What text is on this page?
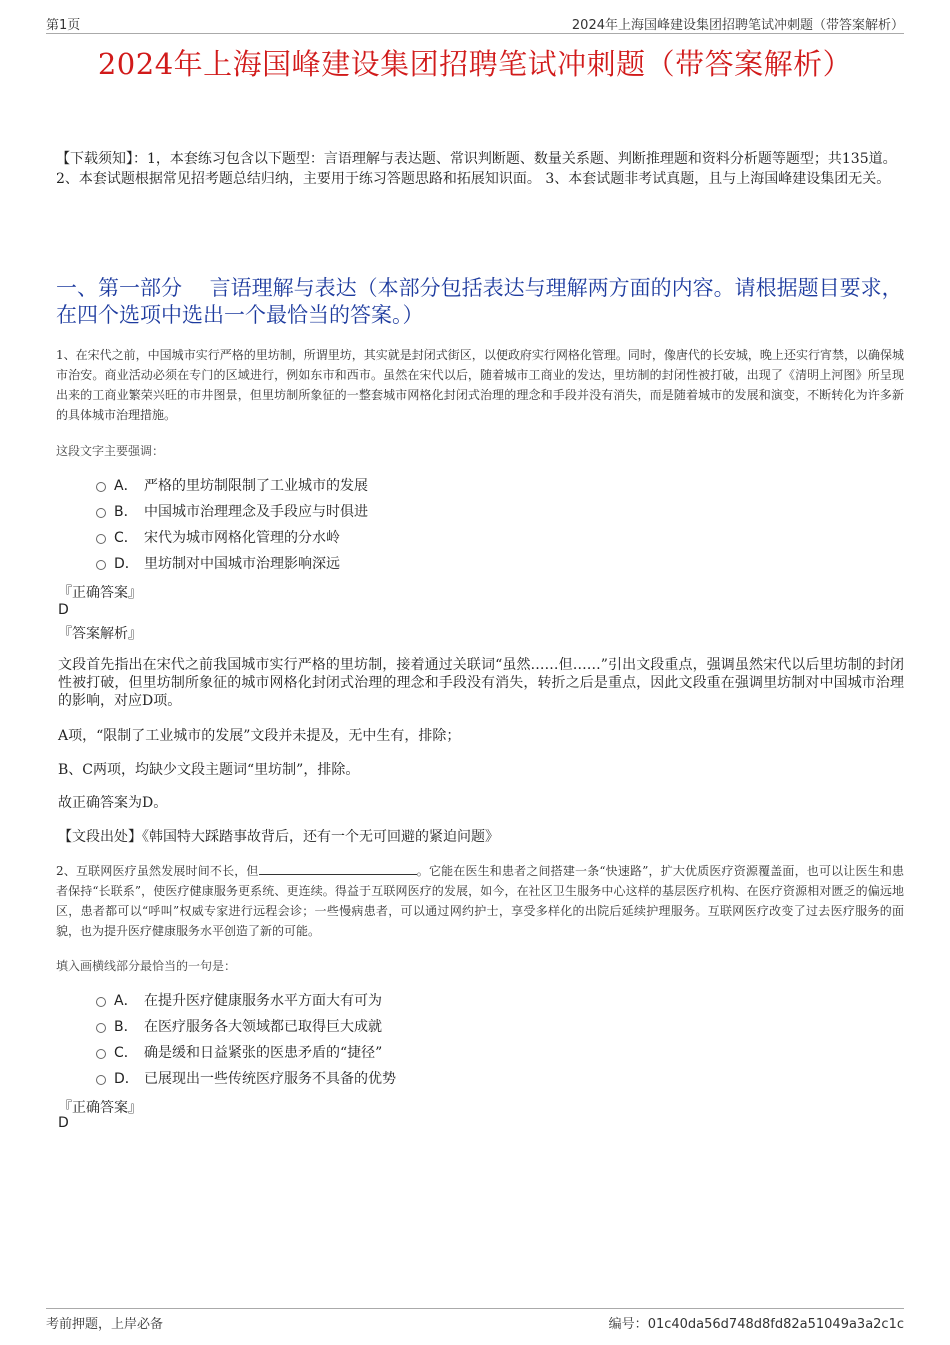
第1页	2024年上海国峰建设集团招聘笔试冲刺题（带答案解析）
2024年上海国峰建设集团招聘笔试冲刺题（带答案解析）
【下载须知】：1，本套练习包含以下题型：言语理解与表达题、常识判断题、数量关系题、判断推理题和资料分析题等题型；共135道。 2、本套试题根据常见招考题总结归纳，主要用于练习答题思路和拓展知识面。 3、本套试题非考试真题，且与上海国峰建设集团无关。
一、第一部分　 言语理解与表达（本部分包括表达与理解两方面的内容。请根据题目要求，在四个选项中选出一个最恰当的答案。）
1、在宋代之前，中国城市实行严格的里坊制，所谓里坊，其实就是封闭式街区，以便政府实行网格化管理。同时，像唐代的长安城，晚上还实行宵禁，以确保城市治安。商业活动必须在专门的区域进行，例如东市和西市。虽然在宋代以后，随着城市工商业的发达，里坊制的封闭性被打破，出现了《清明上河图》所呈现出来的工商业繁荣兴旺的市井图景，但里坊制所象征的一整套城市网格化封闭式治理的理念和手段并没有消失，而是随着城市的发展和演变，不断转化为许多新的具体城市治理措施。
这段文字主要强调：
A． 严格的里坊制限制了工业城市的发展
B． 中国城市治理理念及手段应与时俱进
C． 宋代为城市网格化管理的分水岭
D． 里坊制对中国城市治理影响深远
『正确答案』
D
『答案解析』
文段首先指出在宋代之前我国城市实行严格的里坊制，接着通过关联词“虽然……但……”引出文段重点，强调虽然宋代以后里坊制的封闭性被打破，但里坊制所象征的城市网格化封闭式治理的理念和手段没有消失，转折之后是重点，因此文段重在强调里坊制对中国城市治理的影响，对应D项。
A项，“限制了工业城市的发展”文段并未提及，无中生有，排除；
B、C两项，均缺少文段主题词“里坊制”，排除。
故正确答案为D。
【文段出处】《韩国特大踩踏事故背后，还有一个无可回避的紧迫问题》
2、互联网医疗虽然发展时间不长，但	。它能在医生和患者之间搭建一条“快速路”，扩大优质医疗资源覆盖面，也可以让医生和患者保持“长联系”，使医疗健康服务更系统、更连续。得益于互联网医疗的发展，如今，在社区卫生服务中心这样的基层医疗机构、在医疗资源相对匮乏的偏远地区，患者都可以“呼叫”权威专家进行远程会诊；一些慢病患者，可以通过网约护士，享受多样化的出院后延续护理服务。互联网医疗改变了过去医疗服务的面貌，也为提升医疗健康服务水平创造了新的可能。
填入画横线部分最恰当的一句是：
A． 在提升医疗健康服务水平方面大有可为
B． 在医疗服务各大领域都已取得巨大成就
C． 确是缓和日益紧张的医患矛盾的“捷径”
D． 已展现出一些传统医疗服务不具备的优势
『正确答案』
D
考前押题，上岸必备	编号：01c40da56d748d8fd82a51049a3a2c1c
